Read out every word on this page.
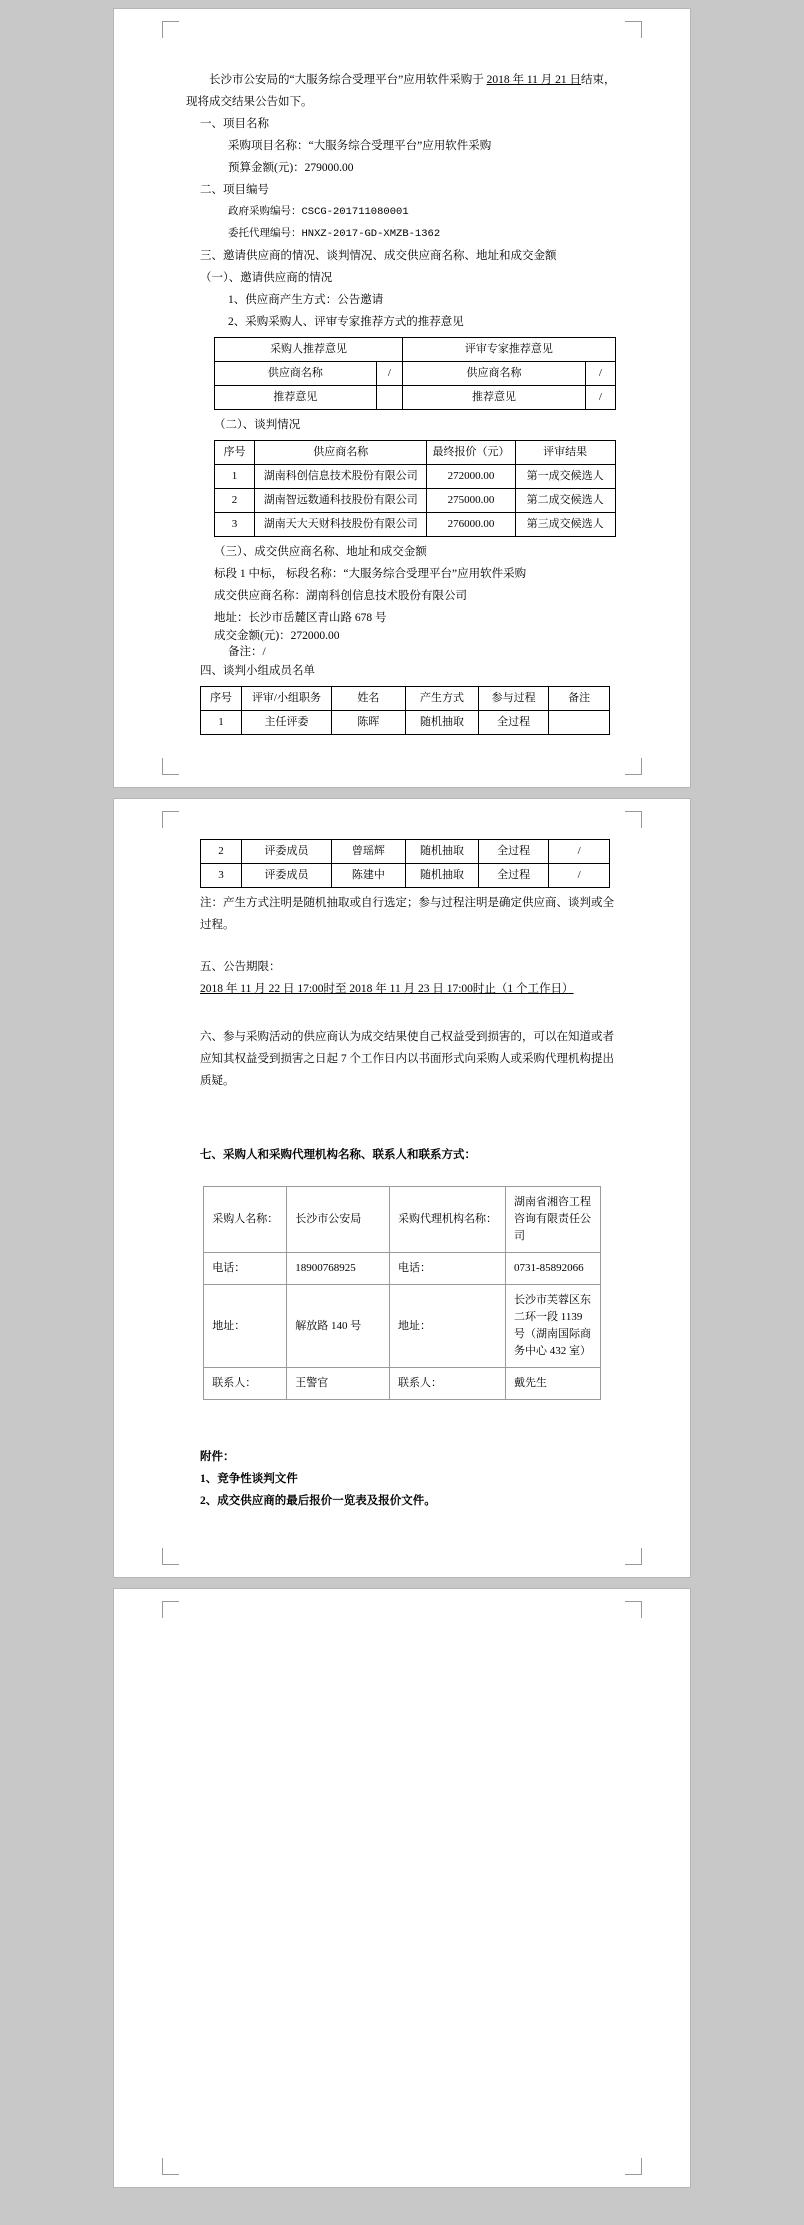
长沙市公安局的“大服务综合受理平台”应用软件采购于 2018 年 11 月 21 日结束，现将成交结果公告如下。

一、项目名称

采购项目名称：“大服务综合受理平台”应用软件采购

预算金额(元)：279000.00

二、项目编号

政府采购编号：CSCG-201711080001

委托代理编号：HNXZ-2017-GD-XMZB-1362

三、邀请供应商的情况、谈判情况、成交供应商名称、地址和成交金额

（一）、邀请供应商的情况

1、供应商产生方式：公告邀请

2、采购采购人、评审专家推荐方式的推荐意见

采购人推荐意见		评审专家推荐意见	
供应商名称	/	供应商名称	/
推荐意见		推荐意见	/

（二）、谈判情况

序号	供应商名称	最终报价（元）	评审结果
1	湖南科创信息技术股份有限公司	272000.00	第一成交候选人
2	湖南智远数通科技股份有限公司	275000.00	第二成交候选人
3	湖南天大天财科技股份有限公司	276000.00	第三成交候选人

（三）、成交供应商名称、地址和成交金额

标段 1 中标， 标段名称：“大服务综合受理平台”应用软件采购

成交供应商名称：湖南科创信息技术股份有限公司

地址：长沙市岳麓区青山路 678 号

成交金额(元)：272000.00

备注：/

四、谈判小组成员名单

序号	评审/小组职务	姓名	产生方式	参与过程	备注
1	主任评委	陈晖	随机抽取	全过程	
2	评委成员	曾瑶辉	随机抽取	全过程	/
3	评委成员	陈建中	随机抽取	全过程	/

注：产生方式注明是随机抽取或自行选定；参与过程注明是确定供应商、谈判或全过程。

五、公告期限：

2018 年 11 月 22 日 17:00时至 2018 年 11 月 23 日 17:00时止（1 个工作日）

六、参与采购活动的供应商认为成交结果使自己权益受到损害的，可以在知道或者应知其权益受到损害之日起 7 个工作日内以书面形式向采购人或采购代理机构提出质疑。

七、采购人和采购代理机构名称、联系人和联系方式：

采购人名称：	长沙市公安局	采购代理机构名称：	湖南省湘咨工程咨询有限责任公司
电话：	18900768925	电话：	0731-85892066
地址：	解放路 140 号	地址：	长沙市芙蓉区东二环一段 1139 号（湖南国际商务中心 432 室）
联系人：	王警官	联系人：	戴先生

附件：

1、竞争性谈判文件

2、成交供应商的最后报价一览表及报价文件。
